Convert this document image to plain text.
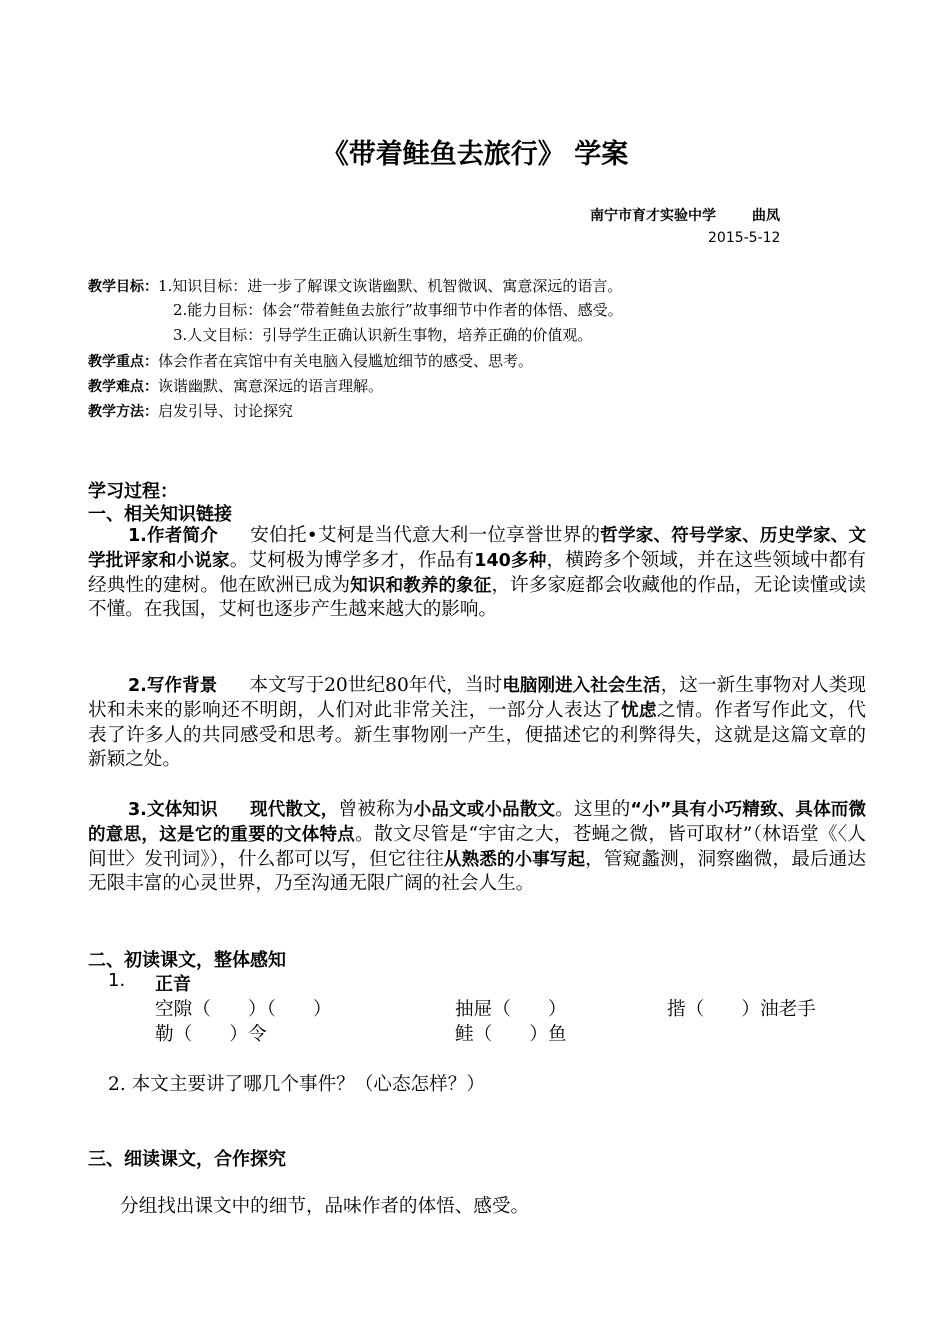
《带着鲑鱼去旅行》 学案
南宁市育才实验中学	曲凤
2015-5-12
教学目标：1.知识目标：进一步了解课文诙谐幽默、机智微讽、寓意深远的语言。
2.能力目标：体会“带着鲑鱼去旅行”故事细节中作者的体悟、感受。
3.人文目标：引导学生正确认识新生事物，培养正确的价值观。
教学重点：体会作者在宾馆中有关电脑入侵尴尬细节的感受、思考。
教学难点：诙谐幽默、寓意深远的语言理解。
教学方法：启发引导、讨论探究
学习过程：
一、相关知识链接
1.作者简介 安伯托•艾柯是当代意大利一位享誉世界的哲学家、符号学家、历史学家、文学批评家和小说家。艾柯极为博学多才，作品有140多种，横跨多个领域，并在这些领域中都有经典性的建树。他在欧洲已成为知识和教养的象征，许多家庭都会收藏他的作品，无论读懂或读不懂。在我国，艾柯也逐步产生越来越大的影响。
2.写作背景 本文写于20世纪80年代，当时电脑刚进入社会生活，这一新生事物对人类现状和未来的影响还不明朗，人们对此非常关注，一部分人表达了忧虑之情。作者写作此文，代表了许多人的共同感受和思考。新生事物刚一产生，便描述它的利弊得失，这就是这篇文章的新颖之处。
3.文体知识 现代散文，曾被称为小品文或小品散文。这里的“小”具有小巧精致、具体而微的意思，这是它的重要的文体特点。散文尽管是“宇宙之大，苍蝇之微，皆可取材”（林语堂《〈人间世〉发刊词》），什么都可以写，但它往往从熟悉的小事写起，管窥蠡测，洞察幽微，最后通达无限丰富的心灵世界，乃至沟通无限广阔的社会人生。
二、初读课文，整体感知
1. 正音
空隙（　　）（　　）	抽屉（　　）	揩（　　）油老手
勒（　　）令	鲑（　　）鱼
2. 本文主要讲了哪几个事件？（心态怎样？）
三、细读课文，合作探究
分组找出课文中的细节，品味作者的体悟、感受。
